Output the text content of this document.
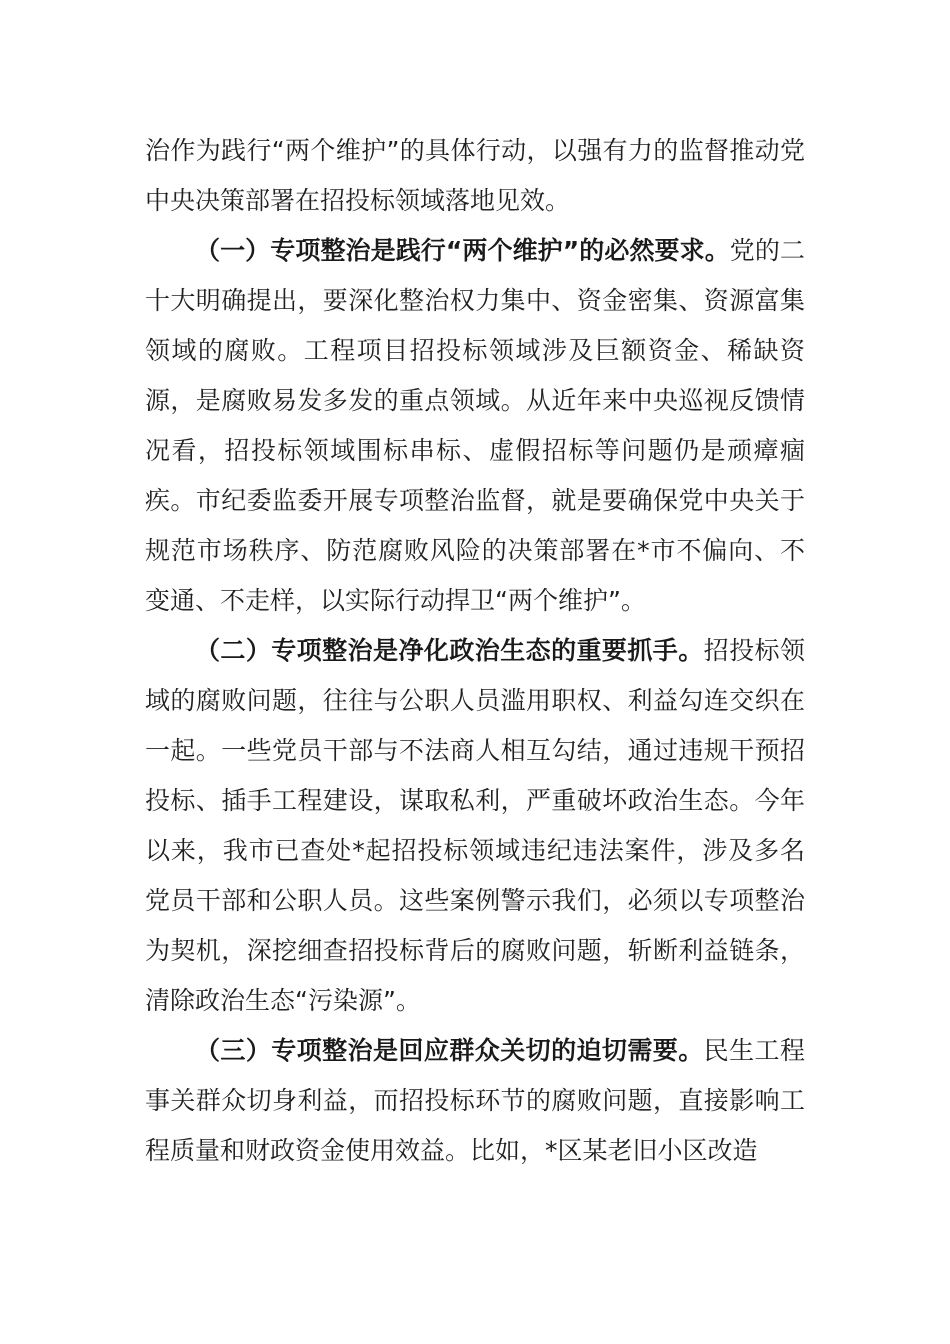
治作为践行“两个维护”的具体行动，以强有力的监督推动党中央决策部署在招投标领域落地见效。

（一）专项整治是践行“两个维护”的必然要求。党的二十大明确提出，要深化整治权力集中、资金密集、资源富集领域的腐败。工程项目招投标领域涉及巨额资金、稀缺资源，是腐败易发多发的重点领域。从近年来中央巡视反馈情况看，招投标领域围标串标、虚假招标等问题仍是顽瘴痼疾。市纪委监委开展专项整治监督，就是要确保党中央关于规范市场秩序、防范腐败风险的决策部署在*市不偏向、不变通、不走样，以实际行动捍卫“两个维护”。

（二）专项整治是净化政治生态的重要抓手。招投标领域的腐败问题，往往与公职人员滥用职权、利益勾连交织在一起。一些党员干部与不法商人相互勾结，通过违规干预招投标、插手工程建设，谋取私利，严重破坏政治生态。今年以来，我市已查处*起招投标领域违纪违法案件，涉及多名党员干部和公职人员。这些案例警示我们，必须以专项整治为契机，深挖细查招投标背后的腐败问题，斩断利益链条，清除政治生态“污染源”。

（三）专项整治是回应群众关切的迫切需要。民生工程事关群众切身利益，而招投标环节的腐败问题，直接影响工程质量和财政资金使用效益。比如，*区某老旧小区改造
